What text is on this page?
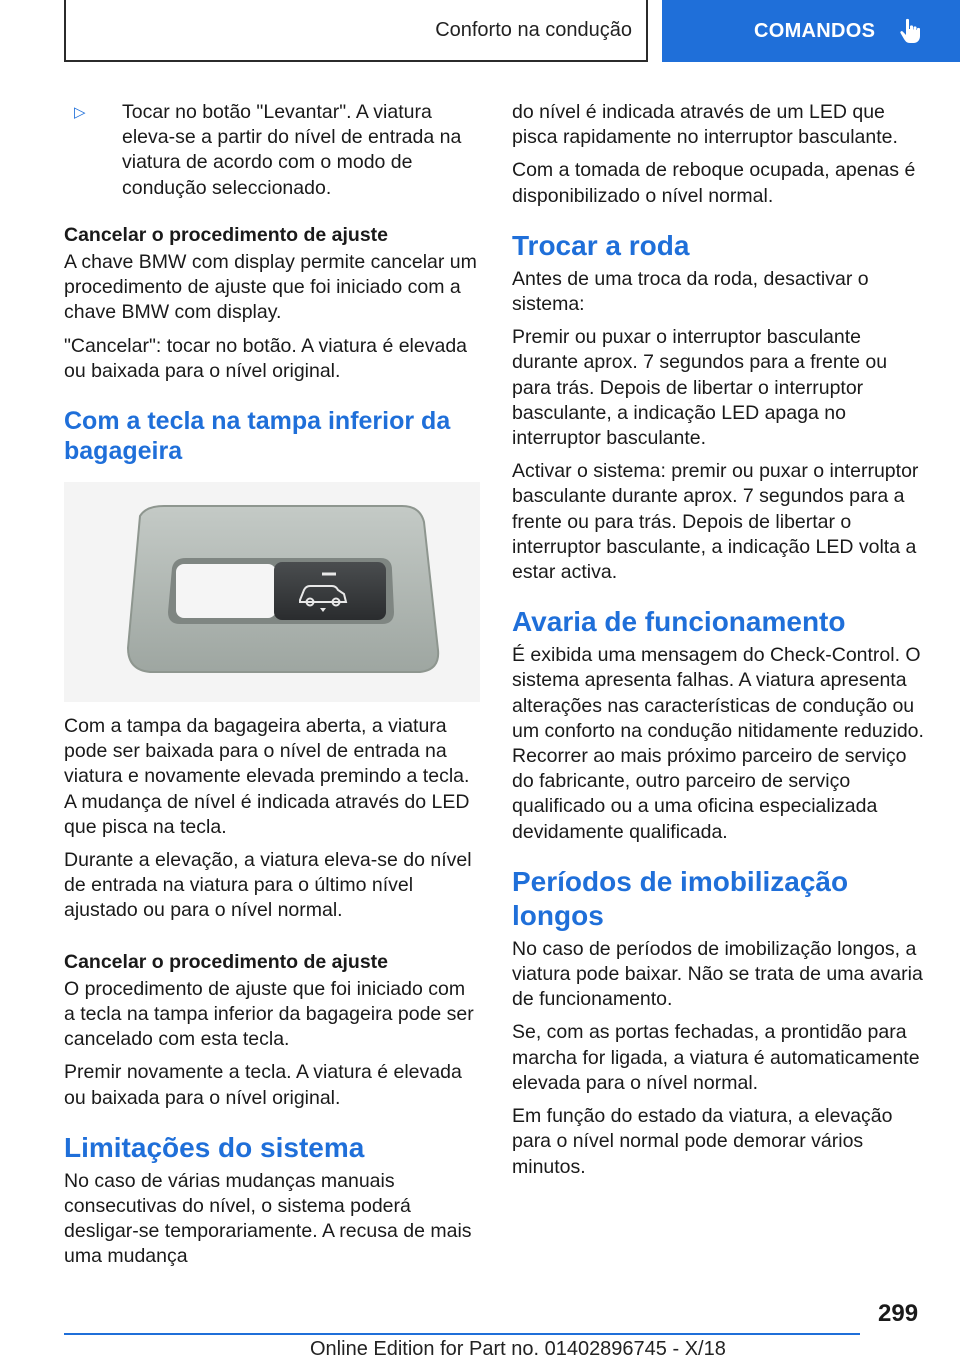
Conforto na condução	COMANDOS
▷	Tocar no botão "Levantar". A viatura eleva-se a partir do nível de entrada na viatura de acordo com o modo de condução seleccionado.

Cancelar o procedimento de ajuste

A chave BMW com display permite cancelar um procedimento de ajuste que foi iniciado com a chave BMW com display.

"Cancelar": tocar no botão. A viatura é elevada ou baixada para o nível original.

Com a tecla na tampa inferior da bagageira

Com a tampa da bagageira aberta, a viatura pode ser baixada para o nível de entrada na viatura e novamente elevada premindo a tecla. A mudança de nível é indicada através do LED que pisca na tecla.

Durante a elevação, a viatura eleva-se do nível de entrada na viatura para o último nível ajustado ou para o nível normal.

Cancelar o procedimento de ajuste

O procedimento de ajuste que foi iniciado com a tecla na tampa inferior da bagageira pode ser cancelado com esta tecla.

Premir novamente a tecla. A viatura é elevada ou baixada para o nível original.

Limitações do sistema

No caso de várias mudanças manuais consecutivas do nível, o sistema poderá desligar-se temporariamente. A recusa de mais uma mudança

do nível é indicada através de um LED que pisca rapidamente no interruptor basculante.

Com a tomada de reboque ocupada, apenas é disponibilizado o nível normal.

Trocar a roda

Antes de uma troca da roda, desactivar o sistema:

Premir ou puxar o interruptor basculante durante aprox. 7 segundos para a frente ou para trás. Depois de libertar o interruptor basculante, a indicação LED apaga no interruptor basculante.

Activar o sistema: premir ou puxar o interruptor basculante durante aprox. 7 segundos para a frente ou para trás. Depois de libertar o interruptor basculante, a indicação LED volta a estar activa.

Avaria de funcionamento

É exibida uma mensagem do Check-Control. O sistema apresenta falhas. A viatura apresenta alterações nas características de condução ou um conforto na condução nitidamente reduzido. Recorrer ao mais próximo parceiro de serviço do fabricante, outro parceiro de serviço qualificado ou a uma oficina especializada devidamente qualificada.

Períodos de imobilização longos

No caso de períodos de imobilização longos, a viatura pode baixar. Não se trata de uma avaria de funcionamento.

Se, com as portas fechadas, a prontidão para marcha for ligada, a viatura é automaticamente elevada para o nível normal.

Em função do estado da viatura, a elevação para o nível normal pode demorar vários minutos.

299
Online Edition for Part no. 01402896745 - X/18
